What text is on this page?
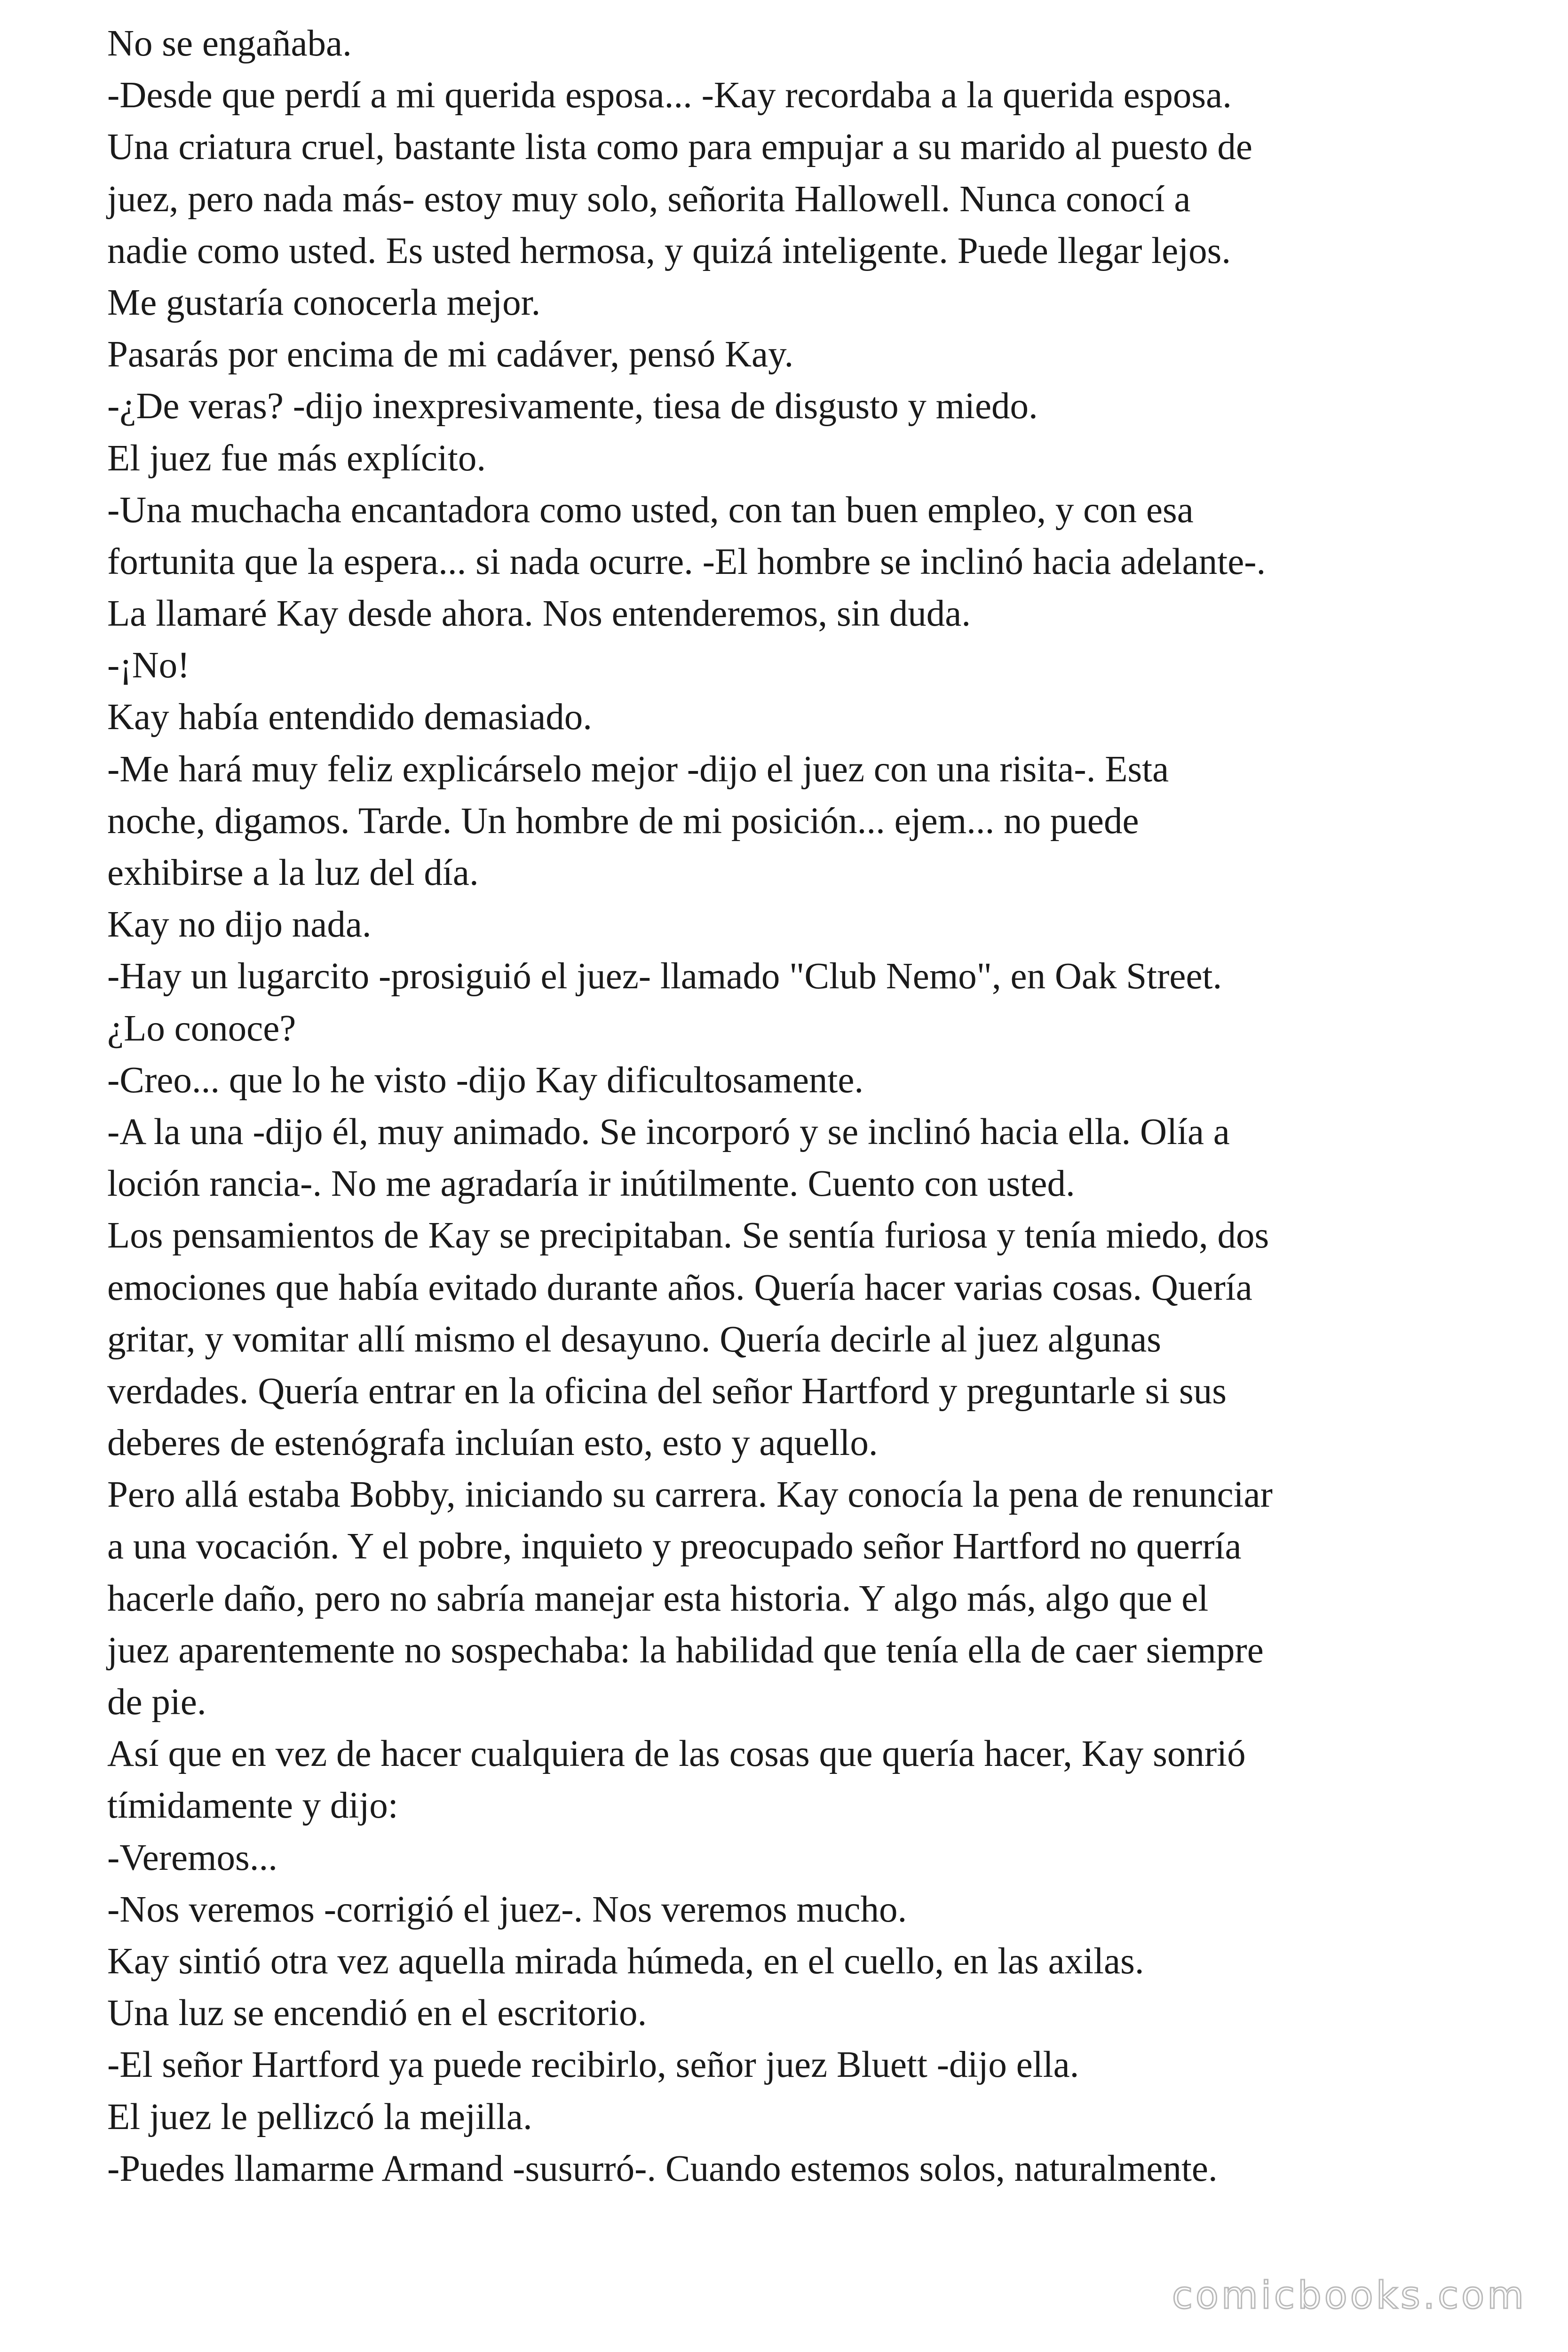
No se engañaba.
-Desde que perdí a mi querida esposa... -Kay recordaba a la querida esposa.
Una criatura cruel, bastante lista como para empujar a su marido al puesto de
juez, pero nada más- estoy muy solo, señorita Hallowell. Nunca conocí a
nadie como usted. Es usted hermosa, y quizá inteligente. Puede llegar lejos.
Me gustaría conocerla mejor.
Pasarás por encima de mi cadáver, pensó Kay.
-¿De veras? -dijo inexpresivamente, tiesa de disgusto y miedo.
El juez fue más explícito.
-Una muchacha encantadora como usted, con tan buen empleo, y con esa
fortunita que la espera... si nada ocurre. -El hombre se inclinó hacia adelante-.
La llamaré Kay desde ahora. Nos entenderemos, sin duda.
-¡No!
Kay había entendido demasiado.
-Me hará muy feliz explicárselo mejor -dijo el juez con una risita-. Esta
noche, digamos. Tarde. Un hombre de mi posición... ejem... no puede
exhibirse a la luz del día.
Kay no dijo nada.
-Hay un lugarcito -prosiguió el juez- llamado "Club Nemo", en Oak Street.
¿Lo conoce?
-Creo... que lo he visto -dijo Kay dificultosamente.
-A la una -dijo él, muy animado. Se incorporó y se inclinó hacia ella. Olía a
loción rancia-. No me agradaría ir inútilmente. Cuento con usted.
Los pensamientos de Kay se precipitaban. Se sentía furiosa y tenía miedo, dos
emociones que había evitado durante años. Quería hacer varias cosas. Quería
gritar, y vomitar allí mismo el desayuno. Quería decirle al juez algunas
verdades. Quería entrar en la oficina del señor Hartford y preguntarle si sus
deberes de estenógrafa incluían esto, esto y aquello.
Pero allá estaba Bobby, iniciando su carrera. Kay conocía la pena de renunciar
a una vocación. Y el pobre, inquieto y preocupado señor Hartford no querría
hacerle daño, pero no sabría manejar esta historia. Y algo más, algo que el
juez aparentemente no sospechaba: la habilidad que tenía ella de caer siempre
de pie.
Así que en vez de hacer cualquiera de las cosas que quería hacer, Kay sonrió
tímidamente y dijo:
-Veremos...
-Nos veremos -corrigió el juez-. Nos veremos mucho.
Kay sintió otra vez aquella mirada húmeda, en el cuello, en las axilas.
Una luz se encendió en el escritorio.
-El señor Hartford ya puede recibirlo, señor juez Bluett -dijo ella.
El juez le pellizcó la mejilla.
-Puedes llamarme Armand -susurró-. Cuando estemos solos, naturalmente.
comicbooks.com
